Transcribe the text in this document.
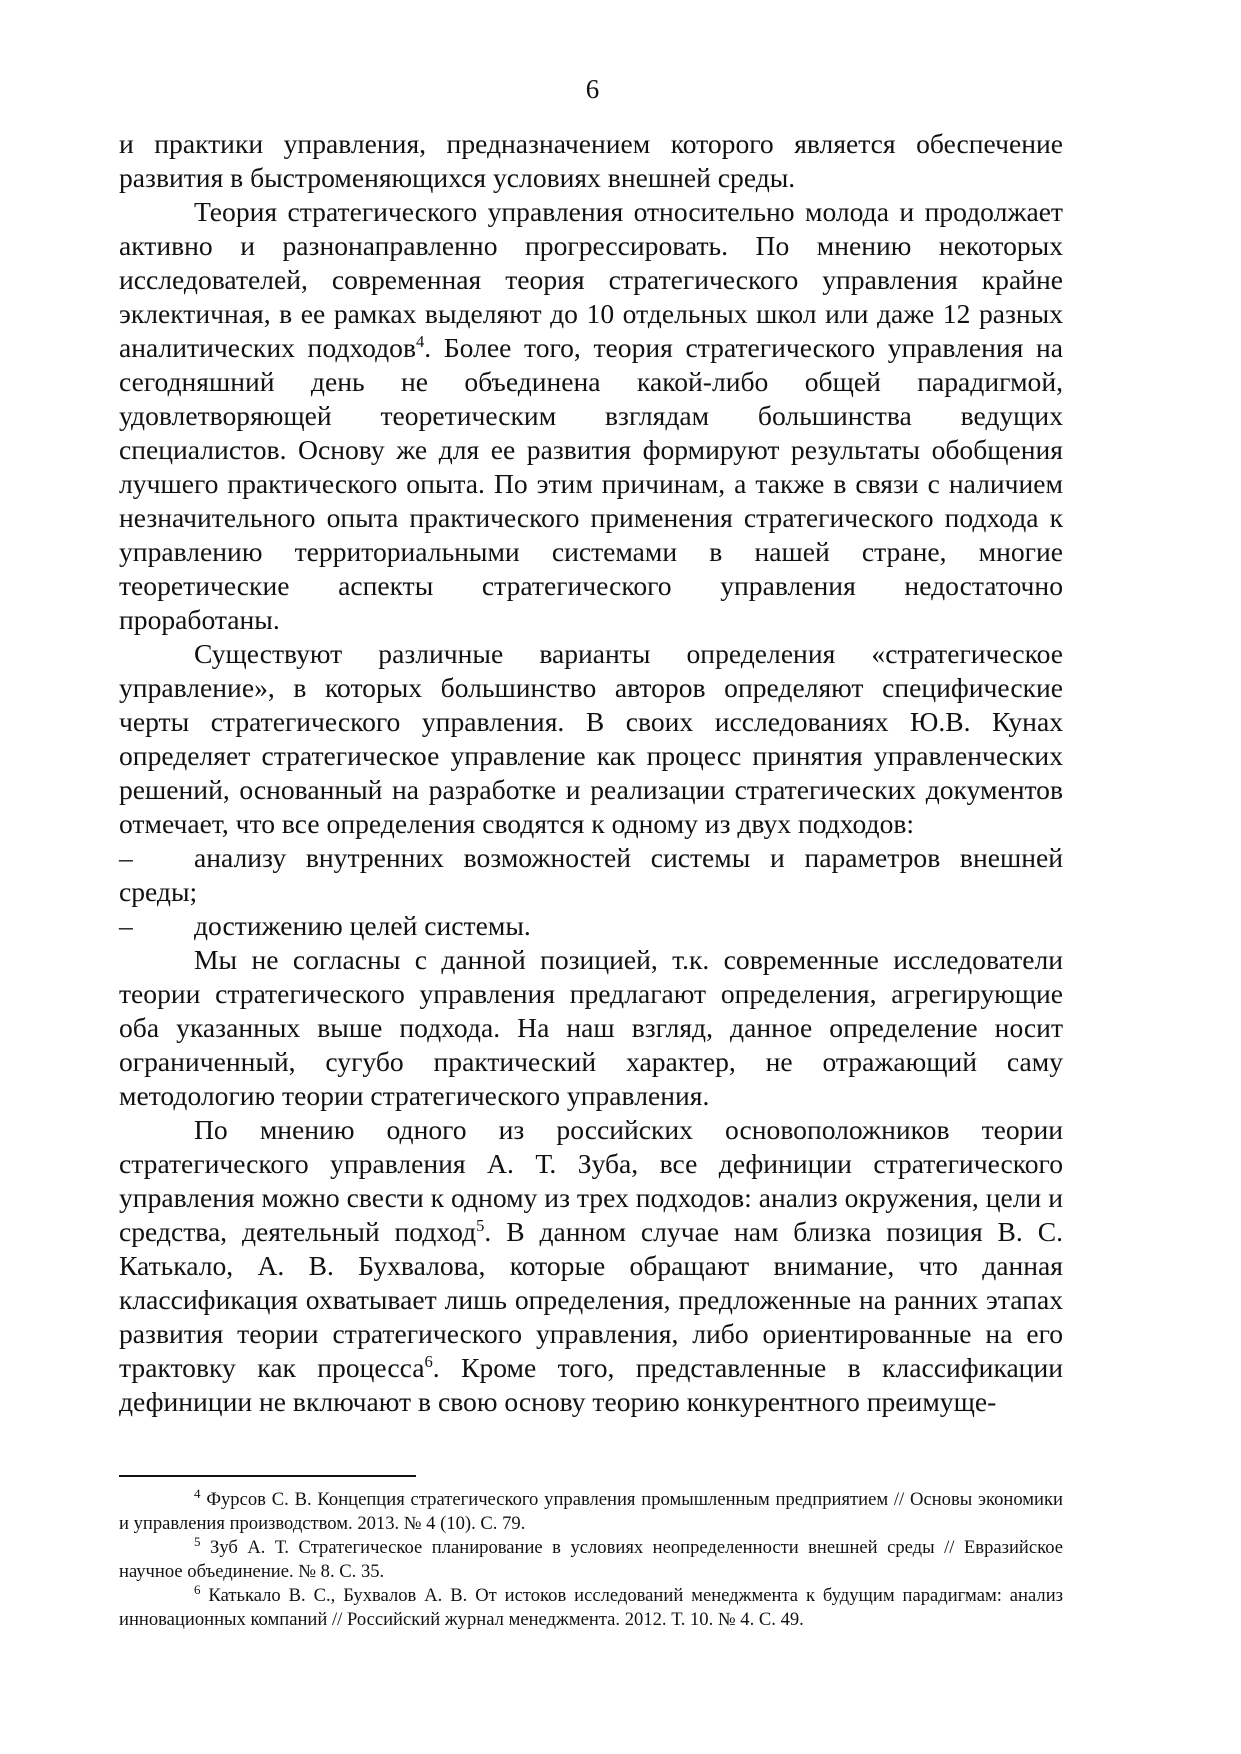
6

и практики управления, предназначением которого является обеспечение развития в быстроменяющихся условиях внешней среды.

Теория стратегического управления относительно молода и продолжает активно и разнонаправленно прогрессировать. По мнению некоторых исследователей, современная теория стратегического управления крайне эклектичная, в ее рамках выделяют до 10 отдельных школ или даже 12 разных аналитических подходов$^4$. Более того, теория стратегического управления на сегодняшний день не объединена какой-либо общей парадигмой, удовлетворяющей теоретическим взглядам большинства ведущих специалистов. Основу же для ее развития формируют результаты обобщения лучшего практического опыта. По этим причинам, а также в связи с наличием незначительного опыта практического применения стратегического подхода к управлению территориальными системами в нашей стране, многие теоретические аспекты стратегического управления недостаточно проработаны.

Существуют различные варианты определения «стратегическое управление», в которых большинство авторов определяют специфические черты стратегического управления. В своих исследованиях Ю.В. Кунах определяет стратегическое управление как процесс принятия управленческих решений, основанный на разработке и реализации стратегических документов отмечает, что все определения сводятся к одному из двух подходов:

– анализу внутренних возможностей системы и параметров внешней среды;

– достижению целей системы.

Мы не согласны с данной позицией, т.к. современные исследователи теории стратегического управления предлагают определения, агрегирующие оба указанных выше подхода. На наш взгляд, данное определение носит ограниченный, сугубо практический характер, не отражающий саму методологию теории стратегического управления.

По мнению одного из российских основоположников теории стратегического управления А. Т. Зуба, все дефиниции стратегического управления можно свести к одному из трех подходов: анализ окружения, цели и средства, деятельный подход$^5$. В данном случае нам близка позиция В. С. Катькало, А. В. Бухвалова, которые обращают внимание, что данная классификация охватывает лишь определения, предложенные на ранних этапах развития теории стратегического управления, либо ориентированные на его трактовку как процесса$^6$. Кроме того, представленные в классификации дефиниции не включают в свою основу теорию конкурентного преимуще-

$^4$ Фурсов С. В. Концепция стратегического управления промышленным предприятием // Основы экономики и управления производством. 2013. № 4 (10). С. 79.

$^5$ Зуб А. Т. Стратегическое планирование в условиях неопределенности внешней среды // Евразийское научное объединение. № 8. С. 35.

$^6$ Катькало В. С., Бухвалов А. В. От истоков исследований менеджмента к будущим парадигмам: анализ инновационных компаний // Российский журнал менеджмента. 2012. Т. 10. № 4. С. 49.
